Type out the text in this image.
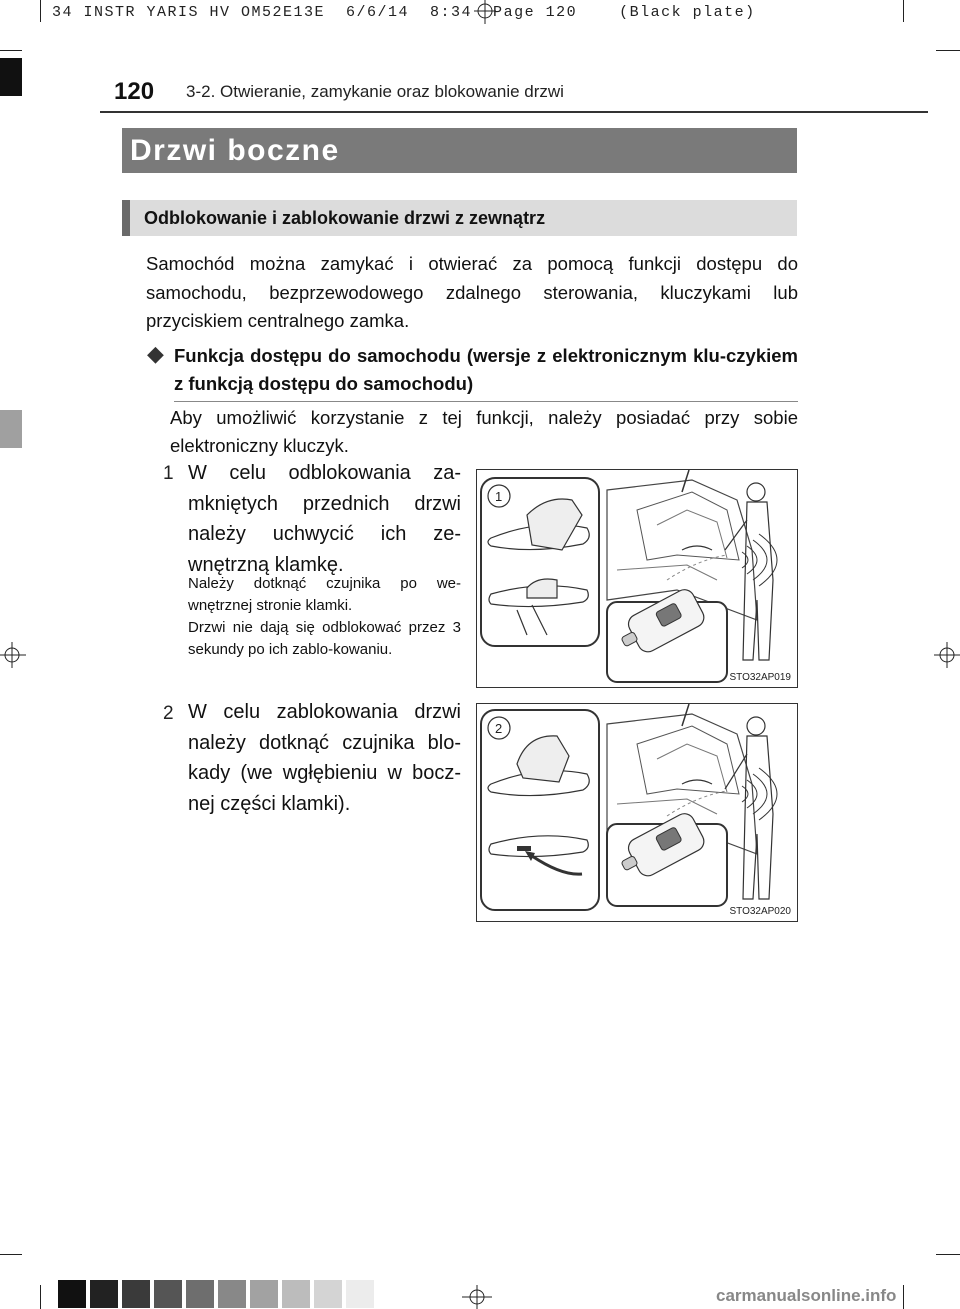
34 INSTR YARIS HV OM52E13E  6/6/14  8:34  Page 120    (Black plate)
120 3-2. Otwieranie, zamykanie oraz blokowanie drzwi
Drzwi boczne
Odblokowanie i zablokowanie drzwi z zewnątrz
Samochód można zamykać i otwierać za pomocą funkcji dostępu do samochodu, bezprzewodowego zdalnego sterowania, kluczykami lub przyciskiem centralnego zamka.
◆ Funkcja dostępu do samochodu (wersje z elektronicznym klu-czykiem z funkcją dostępu do samochodu)
Aby umożliwić korzystanie z tej funkcji, należy posiadać przy sobie elektroniczny kluczyk.
1 W celu odblokowania za-mkniętych przednich drzwi należy uchwycić ich ze-wnętrzną klamkę.
Należy dotknąć czujnika po we-wnętrznej stronie klamki.
Drzwi nie dają się odblokować przez 3 sekundy po ich zablo-kowaniu.
1
STO32AP019
2 W celu zablokowania drzwi należy dotknąć czujnika blo-kady (we wgłębieniu w bocz-nej części klamki).
2
STO32AP020
carmanualsonline.info
